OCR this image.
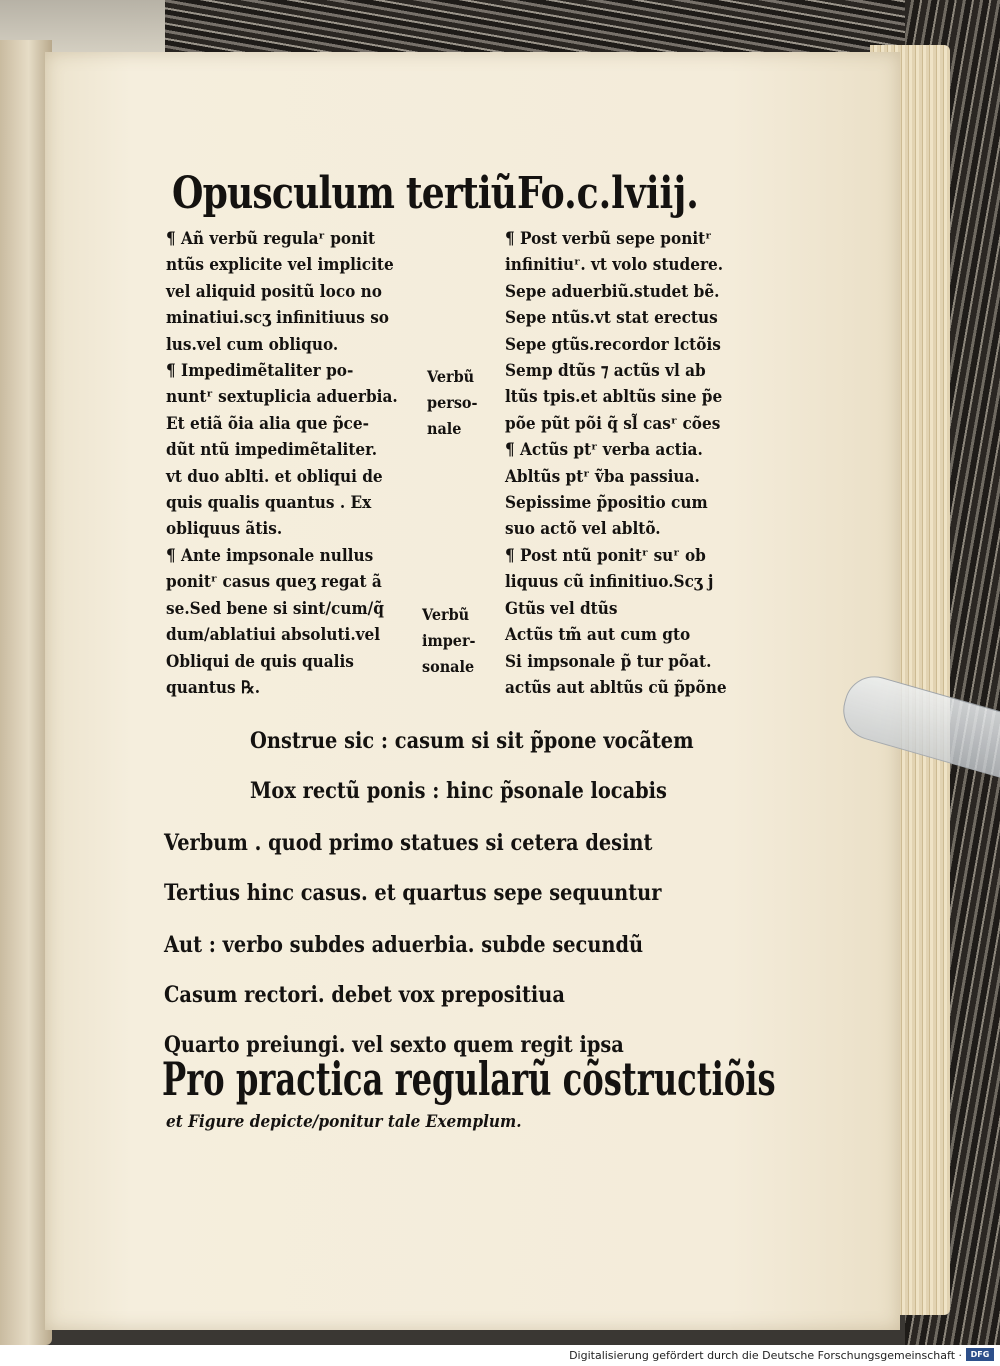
Opusculum tertiũ Fo.c.lviij.
¶ Añ verbũ regulaʳ ponit
ntũs explicite vel implicite
vel aliquid positũ loco no
minatiui.scʒ infinitiuus so
lus.vel cum obliquo.
¶ Impedimẽtaliter po‑
nuntʳ sextuplicia aduerbia.
Et etiã õia alia que p̃ce‑
dũt ntũ impedimẽtaliter.
vt duo ablti. et obliqui de
quis qualis quantus . Ex
obliquus ãtis.
¶ Ante impsonale nullus
ponitʳ casus queʒ regat ã
se.Sed bene si sint/cum/q̃
dum/ablatiui absoluti.vel
Obliqui de quis qualis
quantus ℞.
¶ Post verbũ sepe ponitʳ
infinitiuʳ. vt volo studere.
Sepe aduerbiũ.studet bẽ.
Sepe ntũs.vt stat erectus
Sepe gtũs.recordor lctõis
Semp dtũs ⁊ actũs vl ab
ltũs tpis.et abltũs sine p̃e
põe pũt põi q̃ sl̃ casʳ cões
¶ Actũs ptʳ verba actia.
Abltũs ptʳ ṽba passiua.
Sepissime p̃positio cum
suo actõ vel abltõ.
¶ Post ntũ ponitʳ suʳ ob
liquus cũ infinitiuo.Scʒ j
Gtũs vel dtũs
Actũs tm̃ aut cum gto
Si impsonale p̃ tur põat.
actũs aut abltũs cũ p̃põne
Verbũ
perso‑
nale
Verbũ
imper‑
sonale
Onstrue sic : casum si sit p̃pone vocãtem
Mox rectũ ponis : hinc p̃sonale locabis
Verbum . quod primo statues si cetera desint
Tertius hinc casus. et quartus sepe sequuntur
Aut : verbo subdes aduerbia. subde secundũ
Casum rectori. debet vox prepositiua
Quarto preiungi. vel sexto quem regit ipsa
Pro practica regularũ cõstructiõis
et Figure depicte/ponitur tale Exemplum.
Digitalisierung gefördert durch die Deutsche Forschungsgemeinschaft ·	DFG
